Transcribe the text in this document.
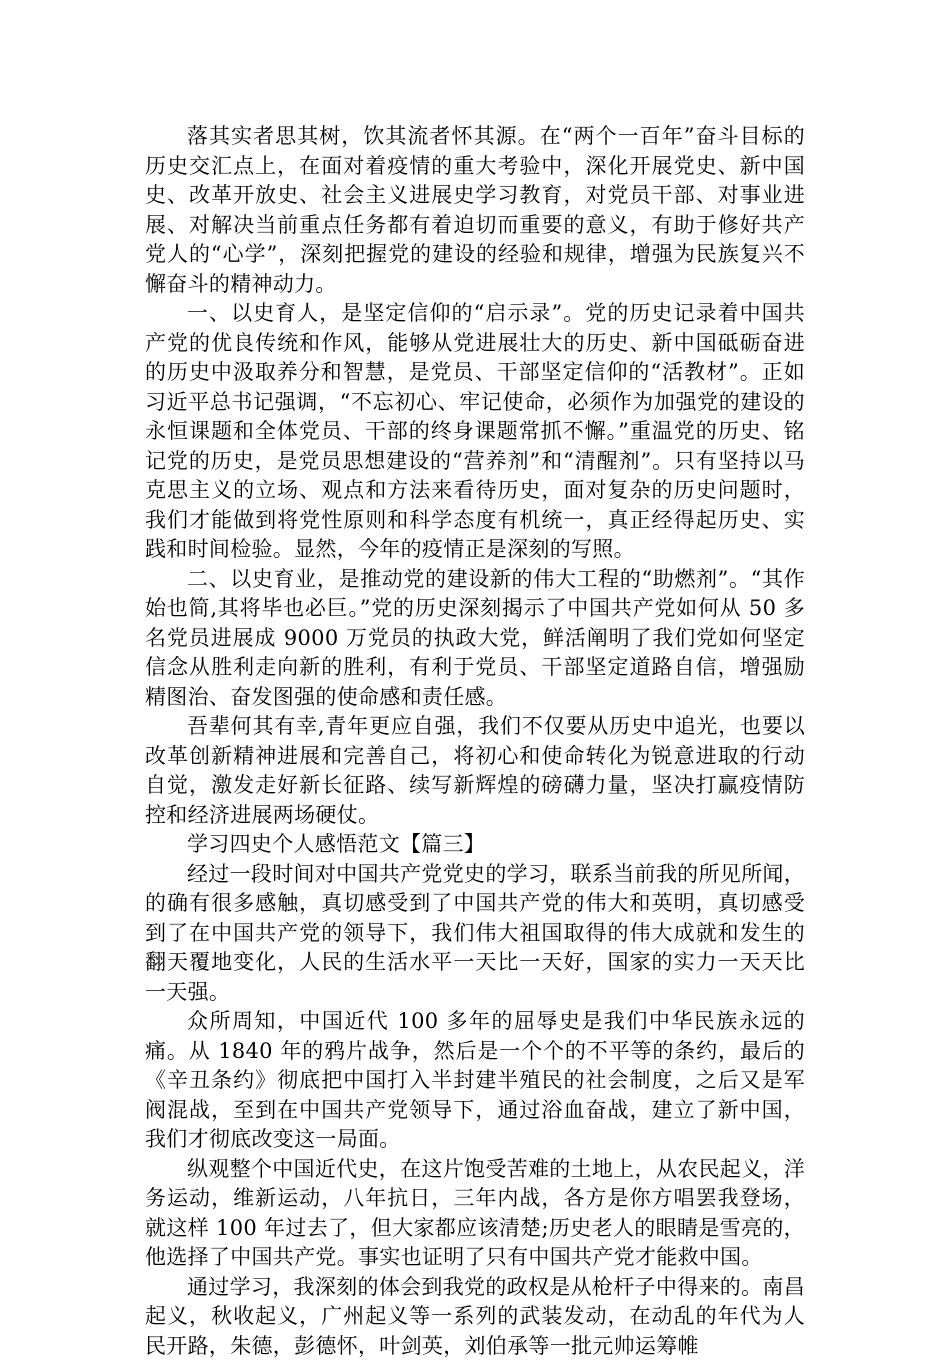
落其实者思其树，饮其流者怀其源。在“两个一百年”奋斗目标的历史交汇点上，在面对着疫情的重大考验中，深化开展党史、新中国史、改革开放史、社会主义进展史学习教育，对党员干部、对事业进展、对解决当前重点任务都有着迫切而重要的意义，有助于修好共产党人的“心学”，深刻把握党的建设的经验和规律，增强为民族复兴不懈奋斗的精神动力。

一、以史育人，是坚定信仰的“启示录”。党的历史记录着中国共产党的优良传统和作风，能够从党进展壮大的历史、新中国砥砺奋进的历史中汲取养分和智慧，是党员、干部坚定信仰的“活教材”。正如习近平总书记强调，“不忘初心、牢记使命，必须作为加强党的建设的永恒课题和全体党员、干部的终身课题常抓不懈。”重温党的历史、铭记党的历史，是党员思想建设的“营养剂”和“清醒剂”。只有坚持以马克思主义的立场、观点和方法来看待历史，面对复杂的历史问题时，我们才能做到将党性原则和科学态度有机统一，真正经得起历史、实践和时间检验。显然，今年的疫情正是深刻的写照。

二、以史育业，是推动党的建设新的伟大工程的“助燃剂”。“其作始也简,其将毕也必巨。”党的历史深刻揭示了中国共产党如何从 50 多名党员进展成 9000 万党员的执政大党，鲜活阐明了我们党如何坚定信念从胜利走向新的胜利，有利于党员、干部坚定道路自信，增强励精图治、奋发图强的使命感和责任感。

吾辈何其有幸,青年更应自强，我们不仅要从历史中追光，也要以改革创新精神进展和完善自己，将初心和使命转化为锐意进取的行动自觉，激发走好新长征路、续写新辉煌的磅礴力量，坚决打赢疫情防控和经济进展两场硬仗。

学习四史个人感悟范文【篇三】

经过一段时间对中国共产党党史的学习，联系当前我的所见所闻，的确有很多感触，真切感受到了中国共产党的伟大和英明，真切感受到了在中国共产党的领导下，我们伟大祖国取得的伟大成就和发生的翻天覆地变化，人民的生活水平一天比一天好，国家的实力一天天比一天强。

众所周知，中国近代 100 多年的屈辱史是我们中华民族永远的痛。从 1840 年的鸦片战争，然后是一个个的不平等的条约，最后的《辛丑条约》彻底把中国打入半封建半殖民的社会制度，之后又是军阀混战，至到在中国共产党领导下，通过浴血奋战，建立了新中国，我们才彻底改变这一局面。

纵观整个中国近代史，在这片饱受苦难的土地上，从农民起义，洋务运动，维新运动，八年抗日，三年内战，各方是你方唱罢我登场，就这样 100 年过去了，但大家都应该清楚;历史老人的眼睛是雪亮的，他选择了中国共产党。事实也证明了只有中国共产党才能救中国。

通过学习，我深刻的体会到我党的政权是从枪杆子中得来的。南昌起义，秋收起义，广州起义等一系列的武装发动，在动乱的年代为人民开路，朱德，彭德怀，叶剑英，刘伯承等一批元帅运筹帷
